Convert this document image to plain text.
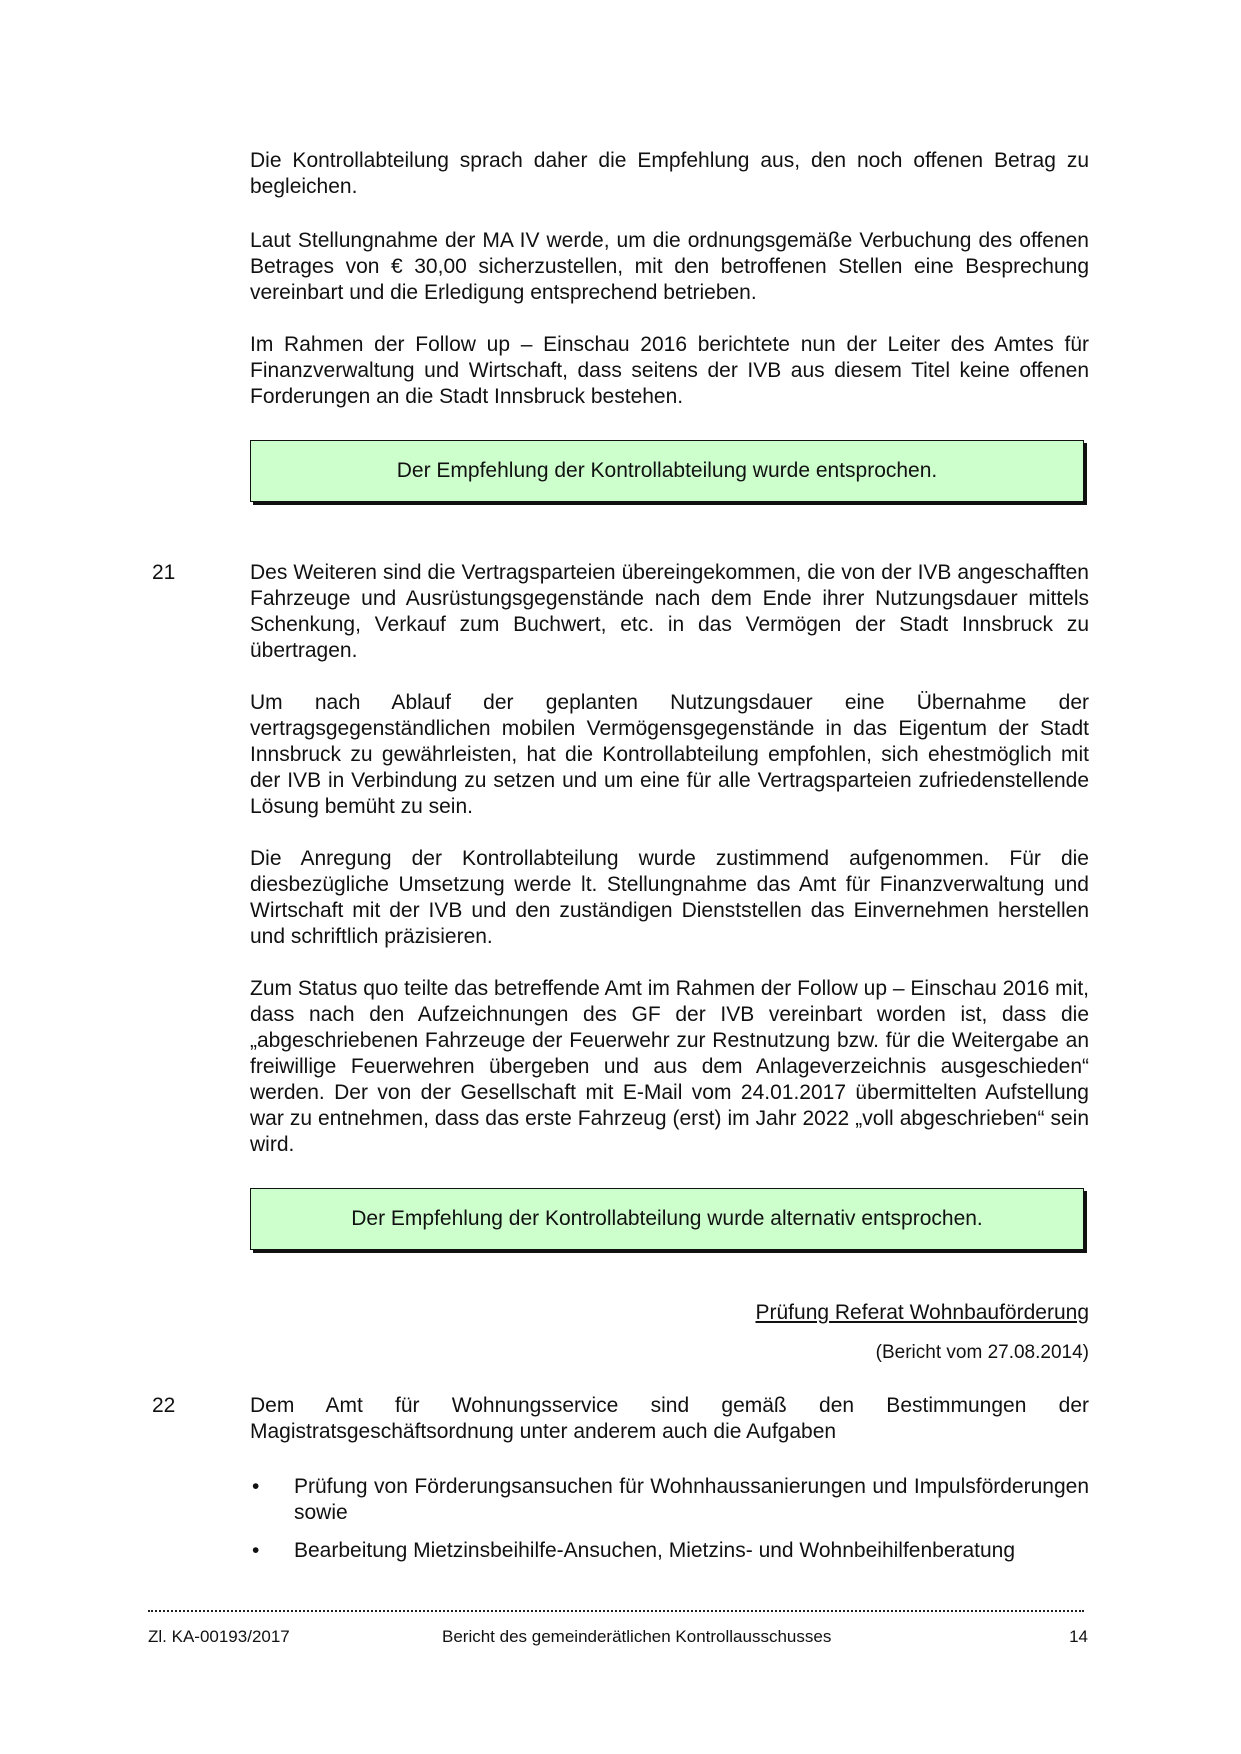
Die Kontrollabteilung sprach daher die Empfehlung aus, den noch offenen Betrag zu begleichen.

Laut Stellungnahme der MA IV werde, um die ordnungsgemäße Verbuchung des offenen Betrages von € 30,00 sicherzustellen, mit den betroffenen Stellen eine Besprechung vereinbart und die Erledigung entsprechend betrieben.

Im Rahmen der Follow up – Einschau 2016 berichtete nun der Leiter des Amtes für Finanzverwaltung und Wirtschaft, dass seitens der IVB aus diesem Titel keine offenen Forderungen an die Stadt Innsbruck bestehen.

Der Empfehlung der Kontrollabteilung wurde entsprochen.

21	Des Weiteren sind die Vertragsparteien übereingekommen, die von der IVB angeschafften Fahrzeuge und Ausrüstungsgegenstände nach dem Ende ihrer Nutzungsdauer mittels Schenkung, Verkauf zum Buchwert, etc. in das Vermögen der Stadt Innsbruck zu übertragen.

Um nach Ablauf der geplanten Nutzungsdauer eine Übernahme der vertragsgegenständlichen mobilen Vermögensgegenstände in das Eigentum der Stadt Innsbruck zu gewährleisten, hat die Kontrollabteilung empfohlen, sich ehestmöglich mit der IVB in Verbindung zu setzen und um eine für alle Vertragsparteien zufriedenstellende Lösung bemüht zu sein.

Die Anregung der Kontrollabteilung wurde zustimmend aufgenommen. Für die diesbezügliche Umsetzung werde lt. Stellungnahme das Amt für Finanzverwaltung und Wirtschaft mit der IVB und den zuständigen Dienststellen das Einvernehmen herstellen und schriftlich präzisieren.

Zum Status quo teilte das betreffende Amt im Rahmen der Follow up – Einschau 2016 mit, dass nach den Aufzeichnungen des GF der IVB vereinbart worden ist, dass die „abgeschriebenen Fahrzeuge der Feuerwehr zur Restnutzung bzw. für die Weitergabe an freiwillige Feuerwehren übergeben und aus dem Anlageverzeichnis ausgeschieden“ werden. Der von der Gesellschaft mit E-Mail vom 24.01.2017 übermittelten Aufstellung war zu entnehmen, dass das erste Fahrzeug (erst) im Jahr 2022 „voll abgeschrieben“ sein wird.

Der Empfehlung der Kontrollabteilung wurde alternativ entsprochen.
Prüfung Referat Wohnbauförderung
(Bericht vom 27.08.2014)

22	Dem Amt für Wohnungsservice sind gemäß den Bestimmungen der Magistratsgeschäftsordnung unter anderem auch die Aufgaben

• Prüfung von Förderungsansuchen für Wohnhaussanierungen und Impulsförderungen sowie

• Bearbeitung Mietzinsbeihilfe-Ansuchen, Mietzins- und Wohnbeihilfenberatung

Zl. KA-00193/2017	Bericht des gemeinderätlichen Kontrollausschusses	14
